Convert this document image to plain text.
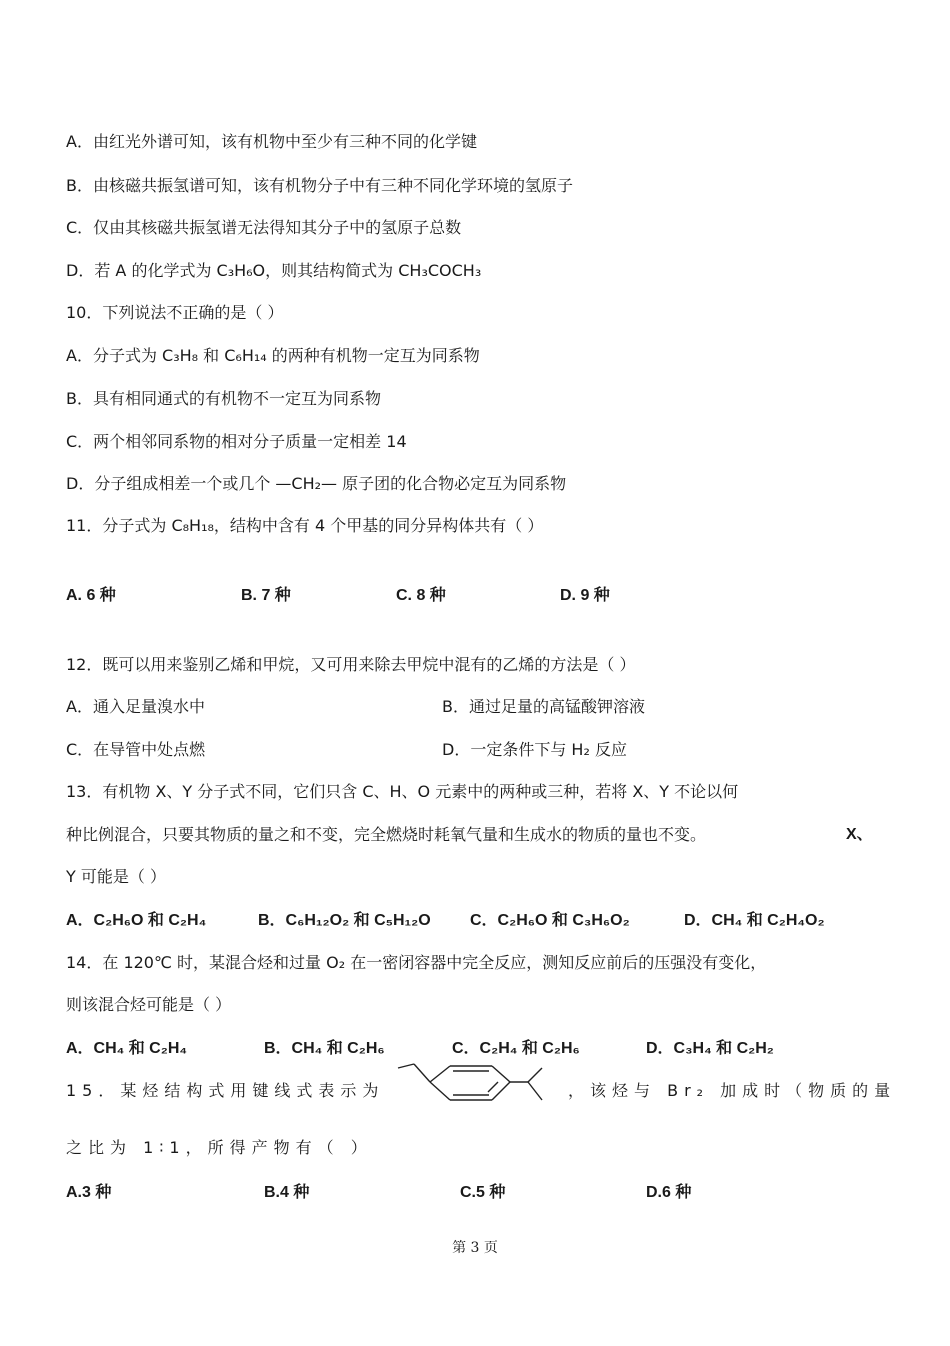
A．由红光外谱可知，该有机物中至少有三种不同的化学键
B．由核磁共振氢谱可知，该有机物分子中有三种不同化学环境的氢原子
C．仅由其核磁共振氢谱无法得知其分子中的氢原子总数
D．若 A 的化学式为 C₃H₆O，则其结构简式为 CH₃COCH₃
10．下列说法不正确的是（ ）
A．分子式为 C₃H₈ 和 C₆H₁₄ 的两种有机物一定互为同系物
B．具有相同通式的有机物不一定互为同系物
C．两个相邻同系物的相对分子质量一定相差 14
D．分子组成相差一个或几个 —CH₂— 原子团的化合物必定互为同系物
11．分子式为 C₈H₁₈，结构中含有 4 个甲基的同分异构体共有（ ）
A. 6 种	B. 7 种	C. 8 种	D. 9 种
12．既可以用来鉴别乙烯和甲烷，又可用来除去甲烷中混有的乙烯的方法是（ ）
A．通入足量溴水中	B．通过足量的高锰酸钾溶液
C．在导管中处点燃	D．一定条件下与 H₂ 反应
13．有机物 X、Y 分子式不同，它们只含 C、H、O 元素中的两种或三种，若将 X、Y 不论以何
种比例混合，只要其物质的量之和不变，完全燃烧时耗氧气量和生成水的物质的量也不变。	X、
Y 可能是（ ）
A．C₂H₆O 和 C₂H₄	B．C₆H₁₂O₂ 和 C₅H₁₂O C．C₂H₆O 和 C₃H₆O₂	D．CH₄ 和 C₂H₄O₂
14．在 120℃ 时，某混合烃和过量 O₂ 在一密闭容器中完全反应，测知反应前后的压强没有变化，
则该混合烃可能是（ ）
A．CH₄ 和 C₂H₄	B．CH₄ 和 C₂H₆	C．C₂H₄ 和 C₂H₆	D．C₃H₄ 和 C₂H₂
15．某烃结构式用键线式表示为	，该烃与 Br₂ 加成时（物质的量
之比为 1∶1，所得产物有（ ）
A.3 种	B.4 种	C.5 种	D.6 种
第 3 页
